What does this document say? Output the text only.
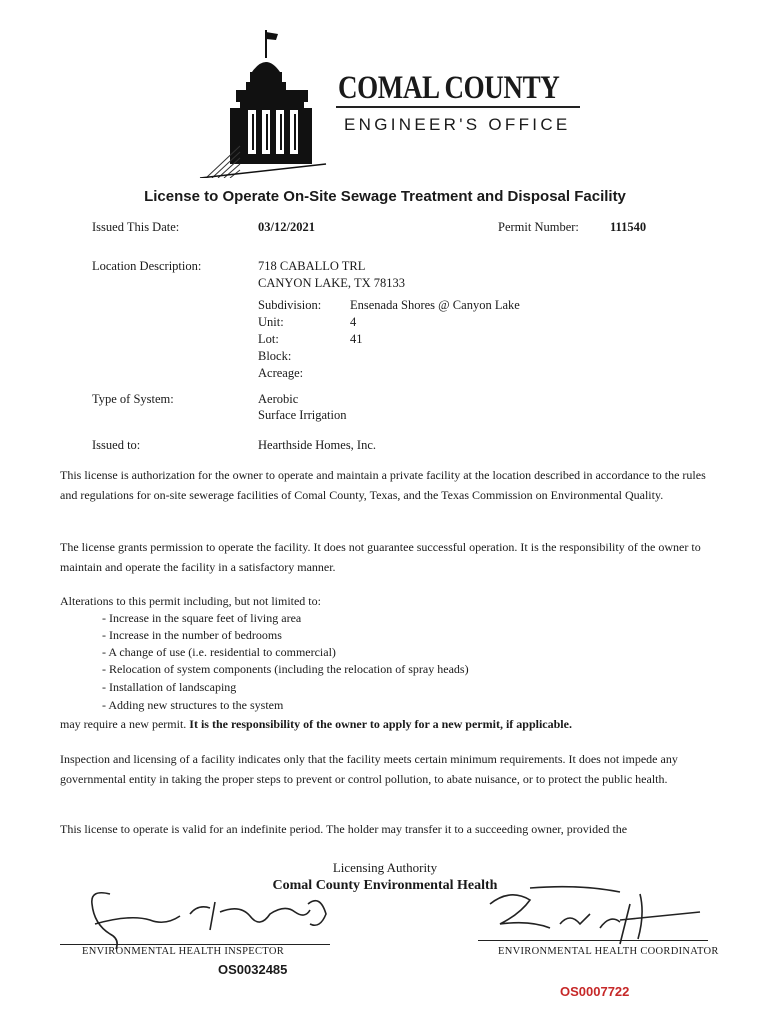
COMAL COUNTY
ENGINEER'S OFFICE
License to Operate On-Site Sewage Treatment and Disposal Facility
Issued This Date:	03/12/2021	Permit Number: 111540
Location Description:	718 CABALLO TRL
CANYON LAKE, TX 78133
Subdivision: Ensenada Shores @ Canyon Lake
Unit:	4
Lot:	41
Block:
Acreage:
Type of System:	Aerobic
Surface Irrigation
Issued to:	Hearthside Homes, Inc.
This license is authorization for the owner to operate and maintain a private facility at the location described in accordance to the rules and regulations for on-site sewerage facilities of Comal County, Texas, and the Texas Commission on Environmental Quality.
The license grants permission to operate the facility. It does not guarantee successful operation. It is the responsibility of the owner to maintain and operate the facility in a satisfactory manner.
Alterations to this permit including, but not limited to:
- Increase in the square feet of living area
- Increase in the number of bedrooms
- A change of use (i.e. residential to commercial)
- Relocation of system components (including the relocation of spray heads)
- Installation of landscaping
- Adding new structures to the system
may require a new permit. It is the responsibility of the owner to apply for a new permit, if applicable.
Inspection and licensing of a facility indicates only that the facility meets certain minimum requirements. It does not impede any governmental entity in taking the proper steps to prevent or control pollution, to abate nuisance, or to protect the public health.
This license to operate is valid for an indefinite period. The holder may transfer it to a succeeding owner, provided the
Licensing Authority
Comal County Environmental Health
ENVIRONMENTAL HEALTH INSPECTOR
OS0032485
ENVIRONMENTAL HEALTH COORDINATOR
OS0007722
